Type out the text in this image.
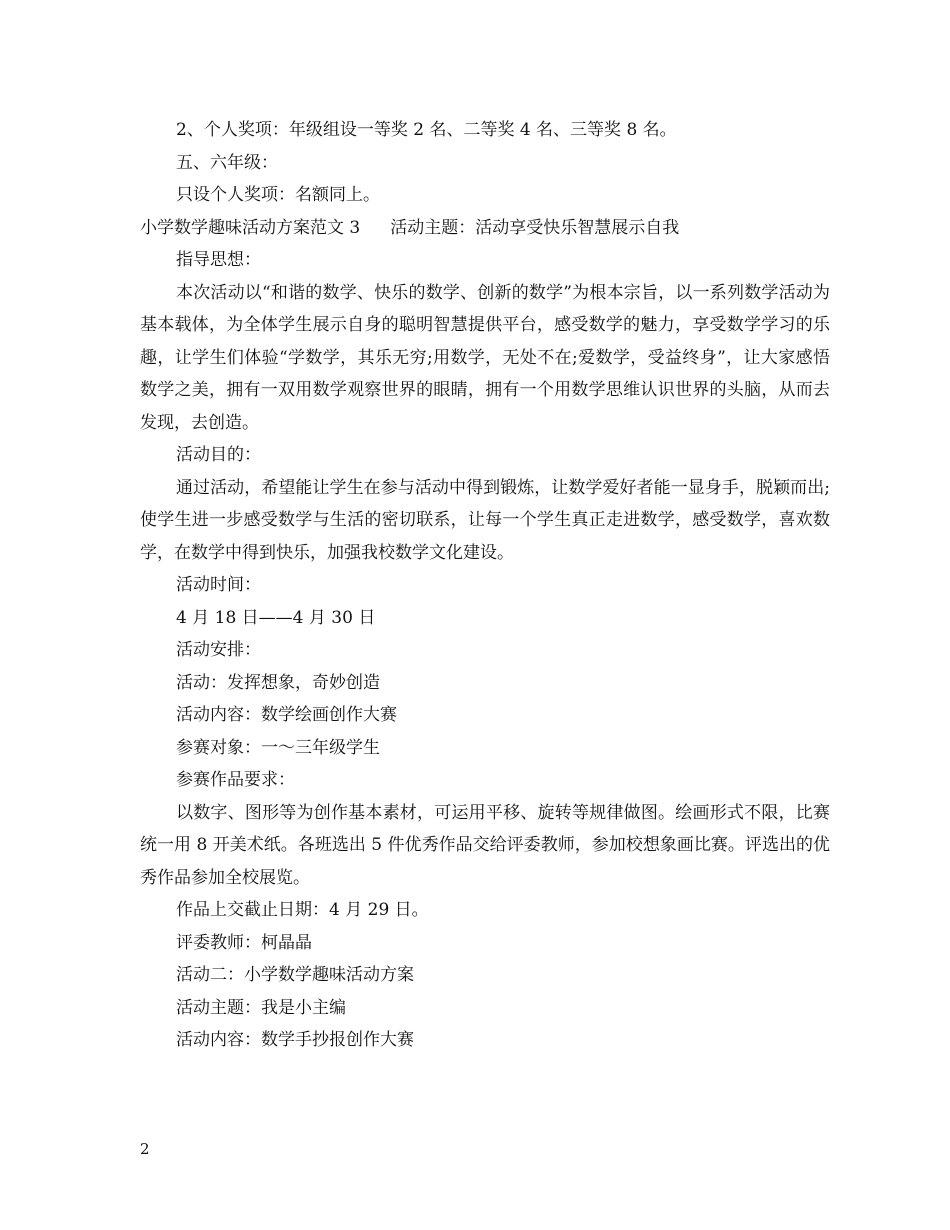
2、个人奖项：年级组设一等奖 2 名、二等奖 4 名、三等奖 8 名。

五、六年级：

只设个人奖项：名额同上。

小学数学趣味活动方案范文 3 活动主题：活动享受快乐智慧展示自我

指导思想：

本次活动以“和谐的数学、快乐的数学、创新的数学”为根本宗旨，以一系列数学活动为基本载体，为全体学生展示自身的聪明智慧提供平台，感受数学的魅力，享受数学学习的乐趣，让学生们体验“学数学，其乐无穷;用数学，无处不在;爱数学，受益终身”，让大家感悟数学之美，拥有一双用数学观察世界的眼睛，拥有一个用数学思维认识世界的头脑，从而去发现，去创造。

活动目的：

通过活动，希望能让学生在参与活动中得到锻炼，让数学爱好者能一显身手，脱颖而出;使学生进一步感受数学与生活的密切联系，让每一个学生真正走进数学，感受数学，喜欢数学，在数学中得到快乐，加强我校数学文化建设。

活动时间：

4 月 18 日——4 月 30 日

活动安排：

活动：发挥想象，奇妙创造

活动内容：数学绘画创作大赛

参赛对象：一～三年级学生

参赛作品要求：

以数字、图形等为创作基本素材，可运用平移、旋转等规律做图。绘画形式不限，比赛统一用 8 开美术纸。各班选出 5 件优秀作品交给评委教师，参加校想象画比赛。评选出的优秀作品参加全校展览。

作品上交截止日期：4 月 29 日。

评委教师：柯晶晶

活动二：小学数学趣味活动方案

活动主题：我是小主编

活动内容：数学手抄报创作大赛

2
